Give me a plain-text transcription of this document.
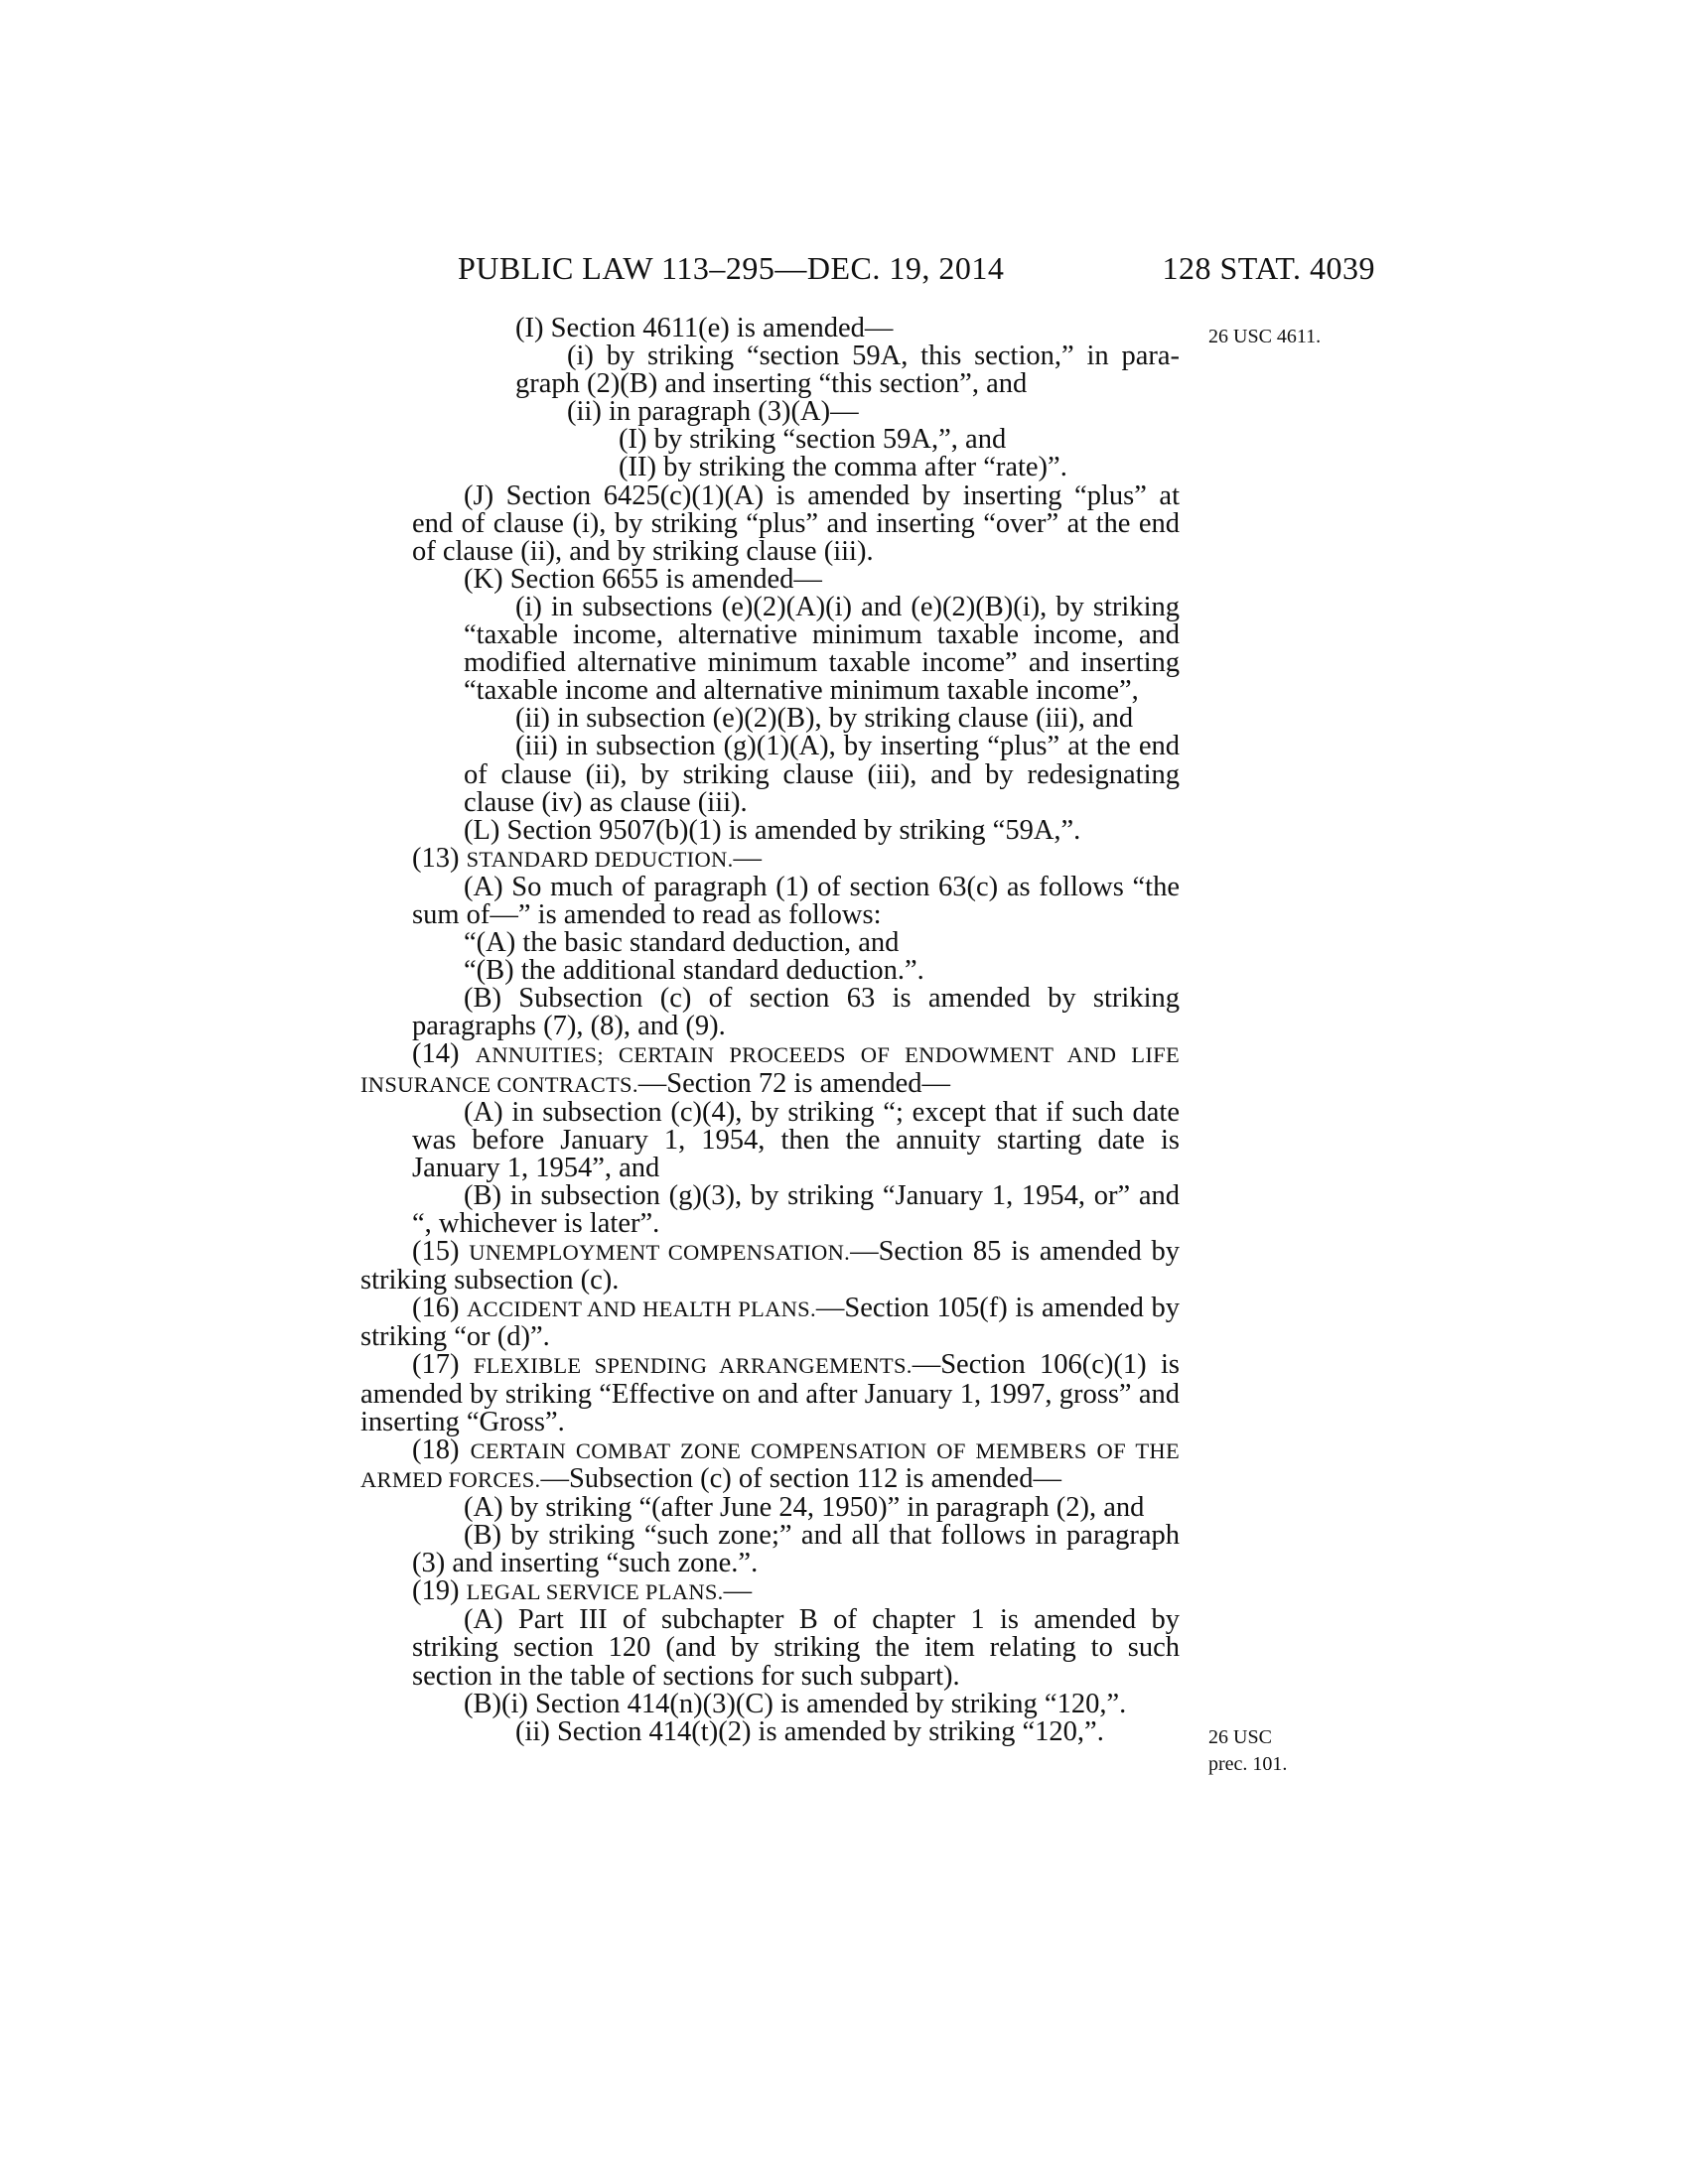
PUBLIC LAW 113–295—DEC. 19, 2014	128 STAT. 4039
26 USC 4611.
26 USC
prec. 101.

(I) Section 4611(e) is amended—

(i) by striking “section 59A, this section,” in para- graph (2)(B) and inserting “this section”, and

(ii) in paragraph (3)(A)—

(I) by striking “section 59A,”, and

(II) by striking the comma after “rate)”.

(J) Section 6425(c)(1)(A) is amended by inserting “plus” at end of clause (i), by striking “plus” and inserting “over” at the end of clause (ii), and by striking clause (iii).

(K) Section 6655 is amended—

(i) in subsections (e)(2)(A)(i) and (e)(2)(B)(i), by striking “taxable income, alternative minimum taxable income, and modified alternative minimum taxable income” and inserting “taxable income and alternative minimum taxable income”,

(ii) in subsection (e)(2)(B), by striking clause (iii), and

(iii) in subsection (g)(1)(A), by inserting “plus” at the end of clause (ii), by striking clause (iii), and by redesignating clause (iv) as clause (iii).

(L) Section 9507(b)(1) is amended by striking “59A,”.

(13) STANDARD DEDUCTION.—

(A) So much of paragraph (1) of section 63(c) as follows “the sum of—” is amended to read as follows:

“(A) the basic standard deduction, and

“(B) the additional standard deduction.”.

(B) Subsection (c) of section 63 is amended by striking paragraphs (7), (8), and (9).

(14) ANNUITIES; CERTAIN PROCEEDS OF ENDOWMENT AND LIFE INSURANCE CONTRACTS.—Section 72 is amended—

(A) in subsection (c)(4), by striking “; except that if such date was before January 1, 1954, then the annuity starting date is January 1, 1954”, and

(B) in subsection (g)(3), by striking “January 1, 1954, or” and “, whichever is later”.

(15) UNEMPLOYMENT COMPENSATION.—Section 85 is amended by striking subsection (c).

(16) ACCIDENT AND HEALTH PLANS.—Section 105(f) is amended by striking “or (d)”.

(17) FLEXIBLE SPENDING ARRANGEMENTS.—Section 106(c)(1) is amended by striking “Effective on and after January 1, 1997, gross” and inserting “Gross”.

(18) CERTAIN COMBAT ZONE COMPENSATION OF MEMBERS OF THE ARMED FORCES.—Subsection (c) of section 112 is amended—

(A) by striking “(after June 24, 1950)” in paragraph (2), and

(B) by striking “such zone;” and all that follows in paragraph (3) and inserting “such zone.”.

(19) LEGAL SERVICE PLANS.—

(A) Part III of subchapter B of chapter 1 is amended by striking section 120 (and by striking the item relating to such section in the table of sections for such subpart).

(B)(i) Section 414(n)(3)(C) is amended by striking “120,”.

(ii) Section 414(t)(2) is amended by striking “120,”.
